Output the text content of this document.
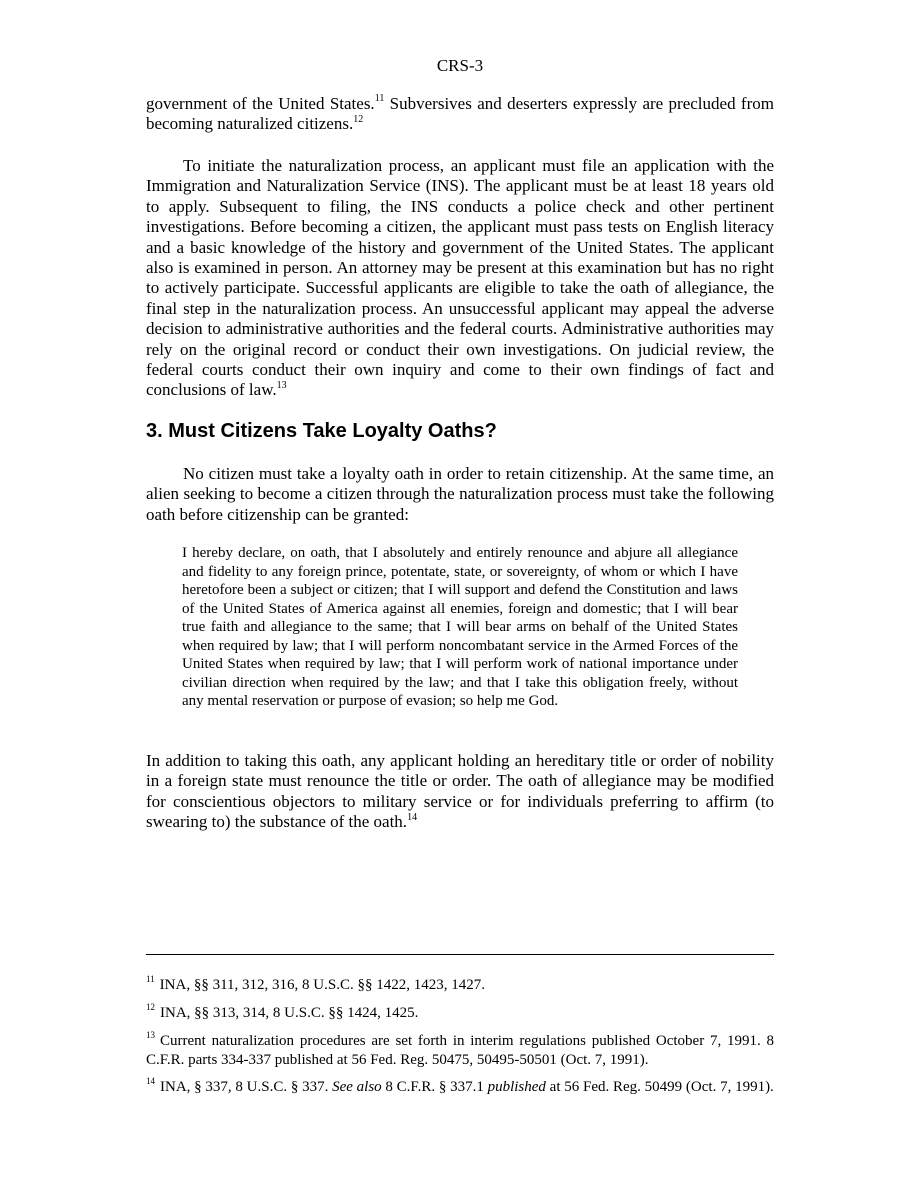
CRS-3

government of the United States.$^{11}$ Subversives and deserters expressly are precluded from becoming naturalized citizens.$^{12}$

To initiate the naturalization process, an applicant must file an application with the Immigration and Naturalization Service (INS). The applicant must be at least 18 years old to apply. Subsequent to filing, the INS conducts a police check and other pertinent investigations. Before becoming a citizen, the applicant must pass tests on English literacy and a basic knowledge of the history and government of the United States. The applicant also is examined in person. An attorney may be present at this examination but has no right to actively participate. Successful applicants are eligible to take the oath of allegiance, the final step in the naturalization process. An unsuccessful applicant may appeal the adverse decision to administrative authorities and the federal courts. Administrative authorities may rely on the original record or conduct their own investigations. On judicial review, the federal courts conduct their own inquiry and come to their own findings of fact and conclusions of law.$^{13}$

3. Must Citizens Take Loyalty Oaths?

No citizen must take a loyalty oath in order to retain citizenship. At the same time, an alien seeking to become a citizen through the naturalization process must take the following oath before citizenship can be granted:

I hereby declare, on oath, that I absolutely and entirely renounce and abjure all allegiance and fidelity to any foreign prince, potentate, state, or sovereignty, of whom or which I have heretofore been a subject or citizen; that I will support and defend the Constitution and laws of the United States of America against all enemies, foreign and domestic; that I will bear true faith and allegiance to the same; that I will bear arms on behalf of the United States when required by law; that I will perform noncombatant service in the Armed Forces of the United States when required by law; that I will perform work of national importance under civilian direction when required by the law; and that I take this obligation freely, without any mental reservation or purpose of evasion; so help me God.

In addition to taking this oath, any applicant holding an hereditary title or order of nobility in a foreign state must renounce the title or order. The oath of allegiance may be modified for conscientious objectors to military service or for individuals preferring to affirm (to swearing to) the substance of the oath.$^{14}$

$^{11}$ INA, §§ 311, 312, 316, 8 U.S.C. §§ 1422, 1423, 1427.

$^{12}$ INA, §§ 313, 314, 8 U.S.C. §§ 1424, 1425.

$^{13}$ Current naturalization procedures are set forth in interim regulations published October 7, 1991. 8 C.F.R. parts 334-337 published at 56 Fed. Reg. 50475, 50495-50501 (Oct. 7, 1991).

$^{14}$ INA, § 337, 8 U.S.C. § 337. See also 8 C.F.R. § 337.1 published at 56 Fed. Reg. 50499 (Oct. 7, 1991).
